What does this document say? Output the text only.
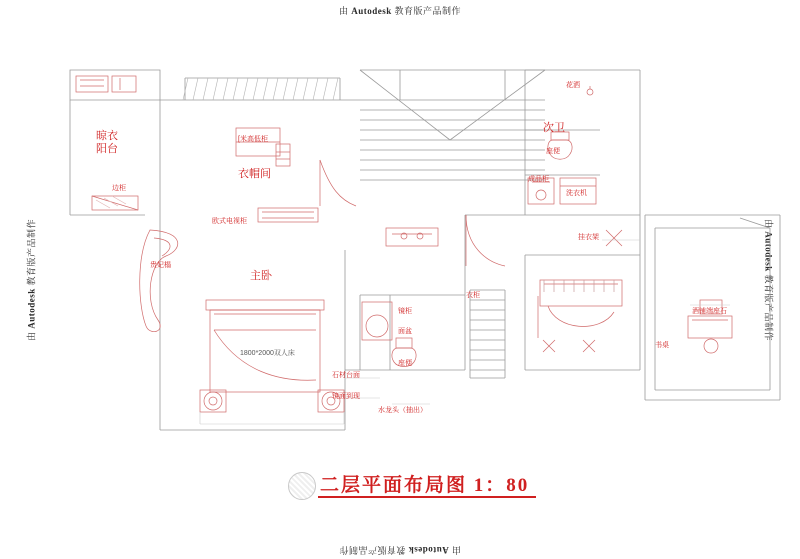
由 Autodesk 教育版产品制作
由 Autodesk 教育版产品制作
由 Autodesk 教育版产品制作	由 Autodesk 教育版产品制作
晾衣
阳台
衣帽间
主卧
次卫
[米高低柜
边柜
欧式电视柜
贵妃榻
花洒
座便
成品柜
洗衣机
挂衣架
镜柜
面盆
座便
衣柜
石材台面
镜面到现
水龙头（抽出）
1800*2000双人床
酒铺端座石
书桌
二层平面布局图 1：80
